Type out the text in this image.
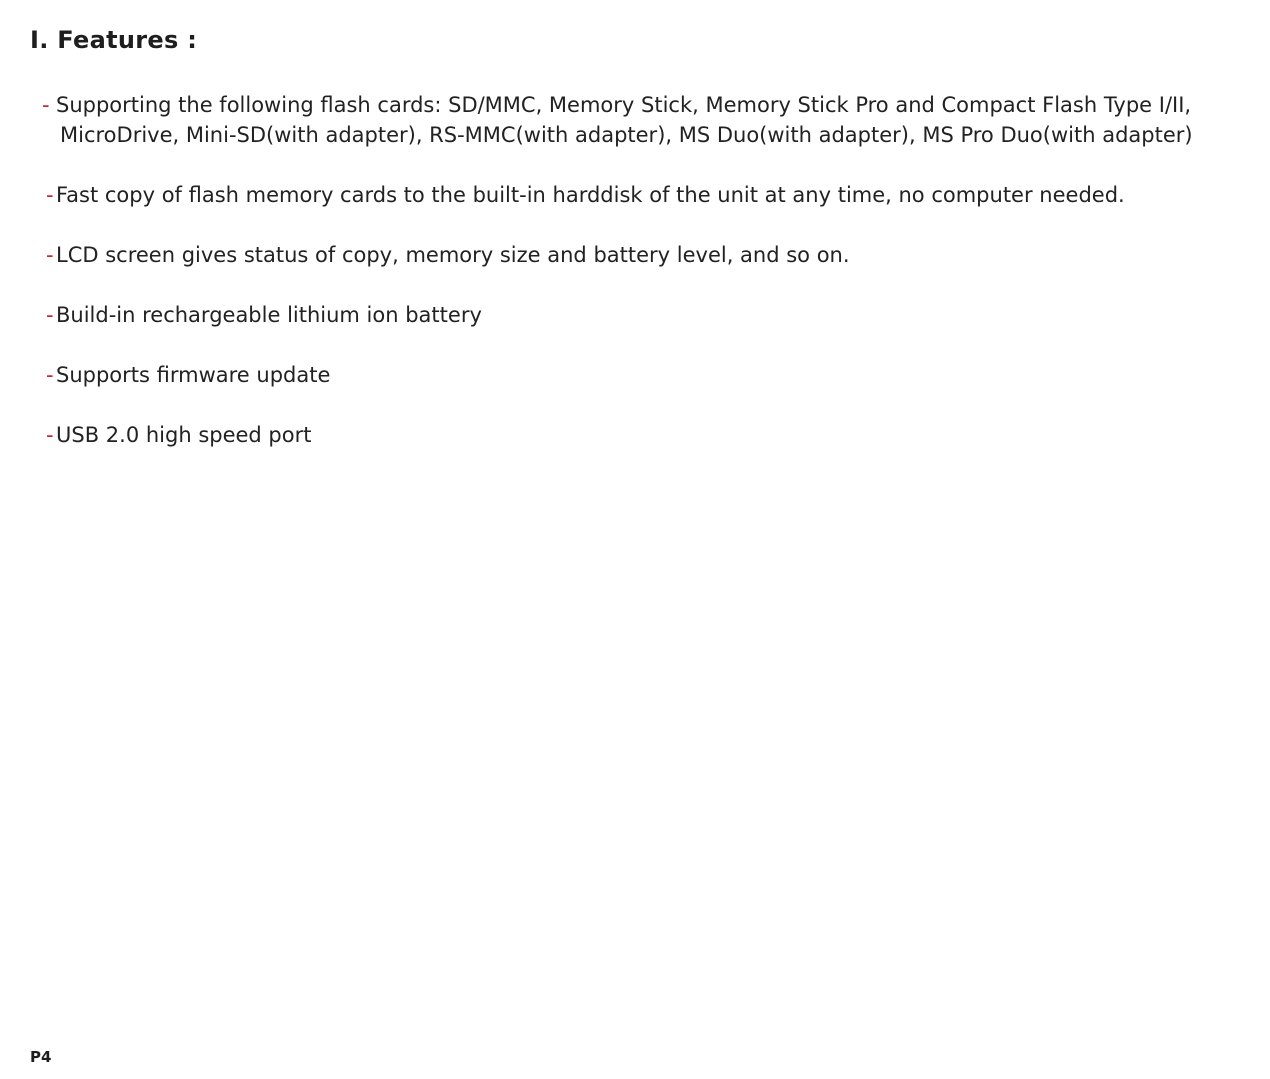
I. Features :
- Supporting the following flash cards: SD/MMC, Memory Stick, Memory Stick Pro and Compact Flash Type I/II, MicroDrive, Mini-SD(with adapter), RS-MMC(with adapter), MS Duo(with adapter), MS Pro Duo(with adapter)
- Fast copy of flash memory cards to the built-in harddisk of the unit at any time, no computer needed.
- LCD screen gives status of copy, memory size and battery level, and so on.
- Build-in rechargeable lithium ion battery
- Supports firmware update
- USB 2.0 high speed port
P4
